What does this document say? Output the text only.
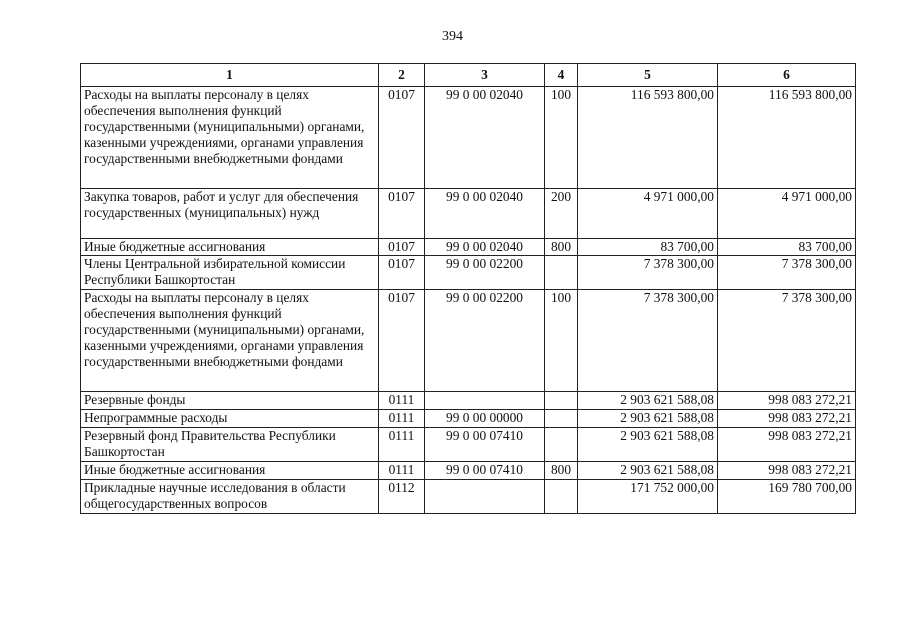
394
1	2	3	4	5	6
Расходы на выплаты персоналу в целях обеспечения выполнения функций государственными (муниципальными) органами, казенными учреждениями, органами управления государственными внебюджетными фондами	0107	99 0 00 02040	100	116 593 800,00	116 593 800,00
Закупка товаров, работ и услуг для обеспечения государственных (муниципальных) нужд	0107	99 0 00 02040	200	4 971 000,00	4 971 000,00
Иные бюджетные ассигнования	0107	99 0 00 02040	800	83 700,00	83 700,00
Члены Центральной избирательной комиссии Республики Башкортостан	0107	99 0 00 02200		7 378 300,00	7 378 300,00
Расходы на выплаты персоналу в целях обеспечения выполнения функций государственными (муниципальными) органами, казенными учреждениями, органами управления государственными внебюджетными фондами	0107	99 0 00 02200	100	7 378 300,00	7 378 300,00
Резервные фонды	0111			2 903 621 588,08	998 083 272,21
Непрограммные расходы	0111	99 0 00 00000		2 903 621 588,08	998 083 272,21
Резервный фонд Правительства Республики Башкортостан	0111	99 0 00 07410		2 903 621 588,08	998 083 272,21
Иные бюджетные ассигнования	0111	99 0 00 07410	800	2 903 621 588,08	998 083 272,21
Прикладные научные исследования в области общегосударственных вопросов	0112			171 752 000,00	169 780 700,00
